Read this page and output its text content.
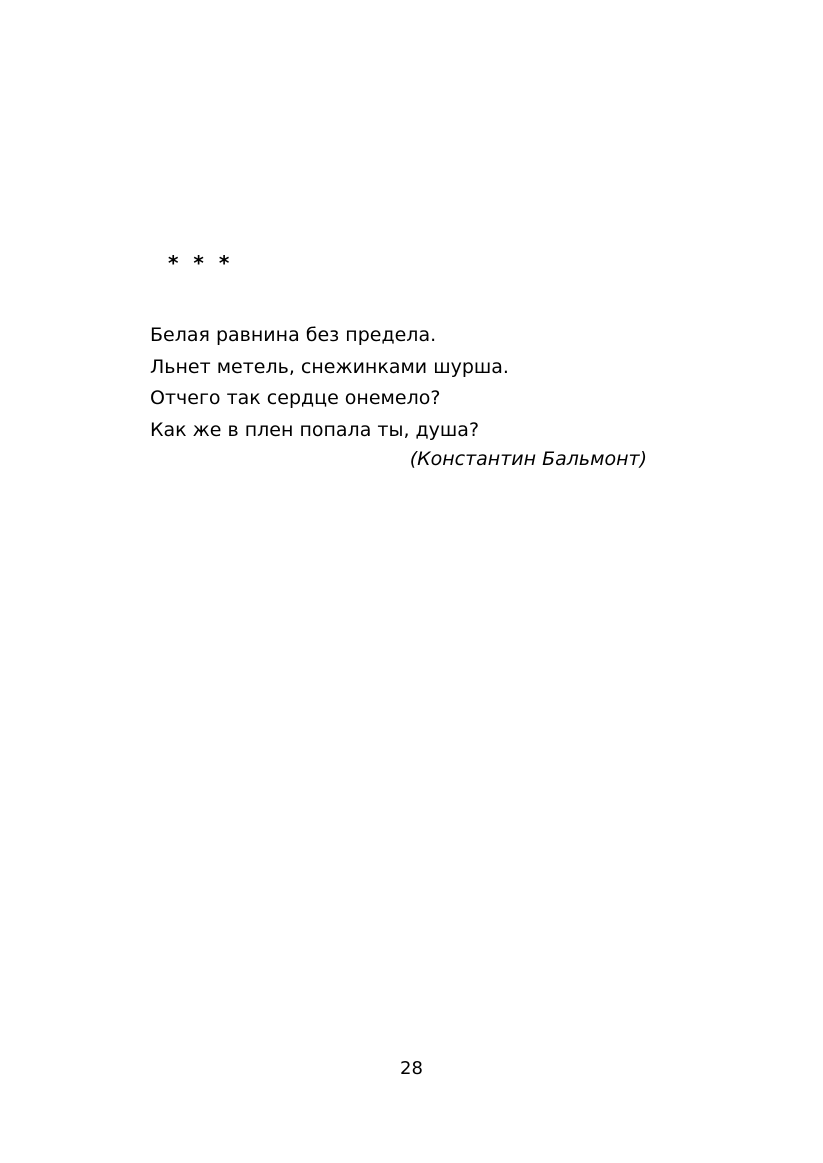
* * *
Белая равнина без предела.
Льнет метель, снежинками шурша.
Отчего так сердце онемело?
Как же в плен попала ты, душа?
(Константин Бальмонт)
28
